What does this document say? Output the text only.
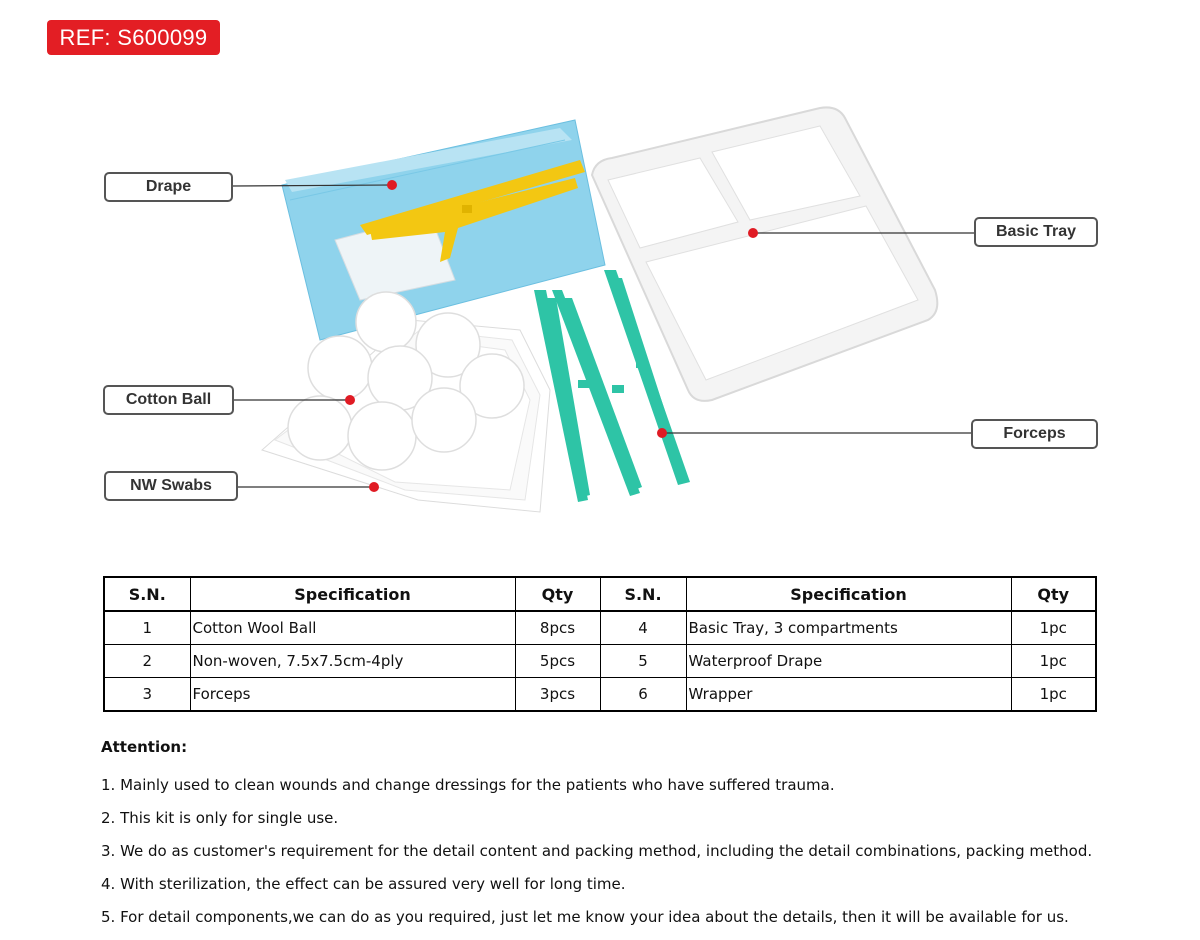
REF: S600099
Drape
Basic Tray
Cotton Ball
Forceps
NW Swabs
S.N.	Specification	Qty	S.N.	Specification	Qty
1	Cotton Wool Ball	8pcs	4	Basic Tray, 3 compartments	1pc
2	Non-woven, 7.5x7.5cm-4ply	5pcs	5	Waterproof Drape	1pc
3	Forceps	3pcs	6	Wrapper	1pc
Attention:

1. Mainly used to clean wounds and change dressings for the patients who have suffered trauma.

2. This kit is only for single use.

3. We do as customer's requirement for the detail content and packing method, including the detail combinations, packing method.

4. With sterilization, the effect can be assured very well for long time.

5. For detail components,we can do as you required, just let me know your idea about the details, then it will be available for us.
